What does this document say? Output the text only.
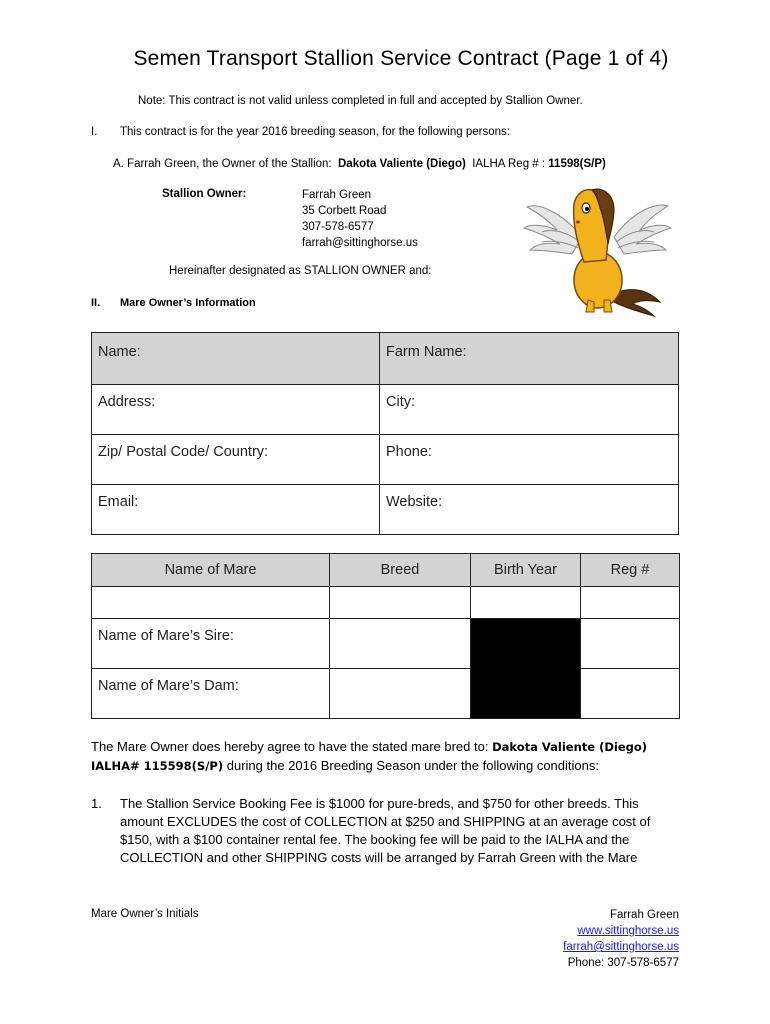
Semen Transport Stallion Service Contract (Page 1 of 4)
Note: This contract is not valid unless completed in full and accepted by Stallion Owner.
I. This contract is for the year 2016 breeding season, for the following persons:
A. Farrah Green, the Owner of the Stallion: Dakota Valiente (Diego) IALHA Reg # : 11598(S/P)
Stallion Owner:	Farrah Green
35 Corbett Road
307-578-6577
farrah@sittinghorse.us
Hereinafter designated as STALLION OWNER and:
II. Mare Owner’s Information
Name:	Farm Name:
Address:	City:
Zip/ Postal Code/ Country:	Phone:
Email:	Website:
Name of Mare	Breed	Birth Year	Reg #

Name of Mare’s Sire:			
Name of Mare’s Dam:			
The Mare Owner does hereby agree to have the stated mare bred to: Dakota Valiente (Diego)
IALHA# 115598(S/P) during the 2016 Breeding Season under the following conditions:
1. The Stallion Service Booking Fee is $1000 for pure-breds, and $750 for other breeds. This amount EXCLUDES the cost of COLLECTION at $250 and SHIPPING at an average cost of $150, with a $100 container rental fee. The booking fee will be paid to the IALHA and the COLLECTION and other SHIPPING costs will be arranged by Farrah Green with the Mare
Mare Owner’s Initials	Farrah Green
www.sittinghorse.us
farrah@sittinghorse.us
Phone: 307-578-6577
